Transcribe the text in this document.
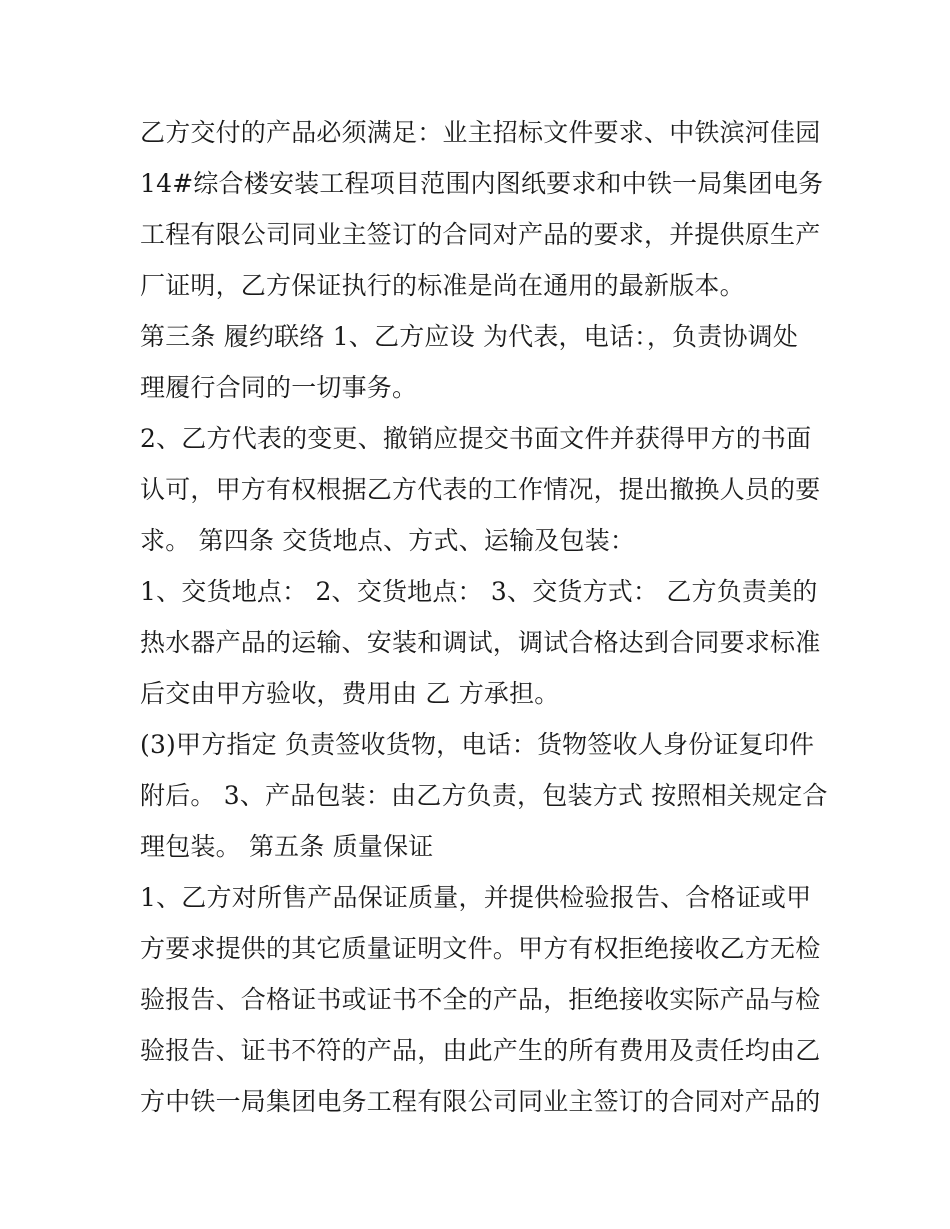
乙方交付的产品必须满足：业主招标文件要求、中铁滨河佳园
14#综合楼安装工程项目范围内图纸要求和中铁一局集团电务
工程有限公司同业主签订的合同对产品的要求，并提供原生产
厂证明，乙方保证执行的标准是尚在通用的最新版本。
第三条 履约联络 1、乙方应设 为代表，电话：，负责协调处
理履行合同的一切事务。
2、乙方代表的变更、撤销应提交书面文件并获得甲方的书面
认可，甲方有权根据乙方代表的工作情况，提出撤换人员的要
求。 第四条 交货地点、方式、运输及包装：
1、交货地点： 2、交货地点： 3、交货方式： 乙方负责美的
热水器产品的运输、安装和调试，调试合格达到合同要求标准
后交由甲方验收，费用由 乙 方承担。
(3)甲方指定 负责签收货物，电话：货物签收人身份证复印件
附后。 3、产品包装：由乙方负责，包装方式 按照相关规定合
理包装。 第五条 质量保证
1、乙方对所售产品保证质量，并提供检验报告、合格证或甲
方要求提供的其它质量证明文件。甲方有权拒绝接收乙方无检
验报告、合格证书或证书不全的产品，拒绝接收实际产品与检
验报告、证书不符的产品，由此产生的所有费用及责任均由乙
方中铁一局集团电务工程有限公司同业主签订的合同对产品的
